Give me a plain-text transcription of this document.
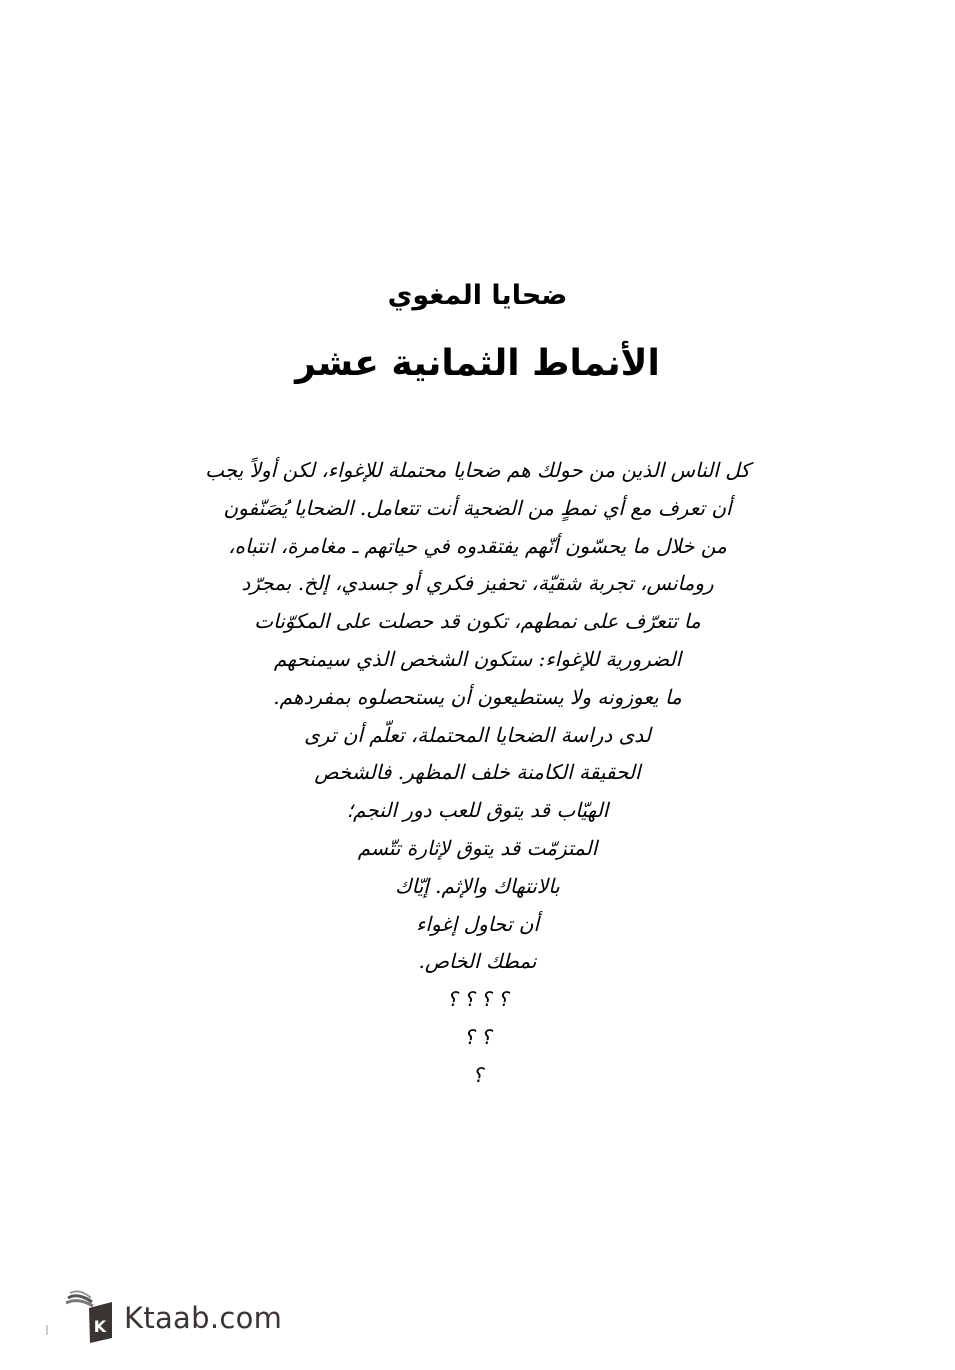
ضحايا المغوي
الأنماط الثمانية عشر
كل الناس الذين من حولك هم ضحايا محتملة للإغواء، لكن أولاً يجب
أن تعرف مع أي نمطٍ من الضحية أنت تتعامل. الضحايا يُصَنّفون
من خلال ما يحسّون أنّهم يفتقدوه في حياتهم ـ مغامرة، انتباه،
رومانس، تجربة شقيّة، تحفيز فكري أو جسدي، إلخ. بمجرّد
ما تتعرّف على نمطهم، تكون قد حصلت على المكوّنات
الضرورية للإغواء: ستكون الشخص الذي سيمنحهم
ما يعوزونه ولا يستطيعون أن يستحصلوه بمفردهم.
لدى دراسة الضحايا المحتملة، تعلّم أن ترى
الحقيقة الكامنة خلف المظهر. فالشخص
الهيّاب قد يتوق للعب دور النجم؛
المتزمّت قد يتوق لإثارة تتّسم
بالانتهاك والإثم. إيّاك
أن تحاول إغواء
نمطك الخاص.
؟ ؟ ؟ ؟
؟ ؟
؟
K Ktaab.com
